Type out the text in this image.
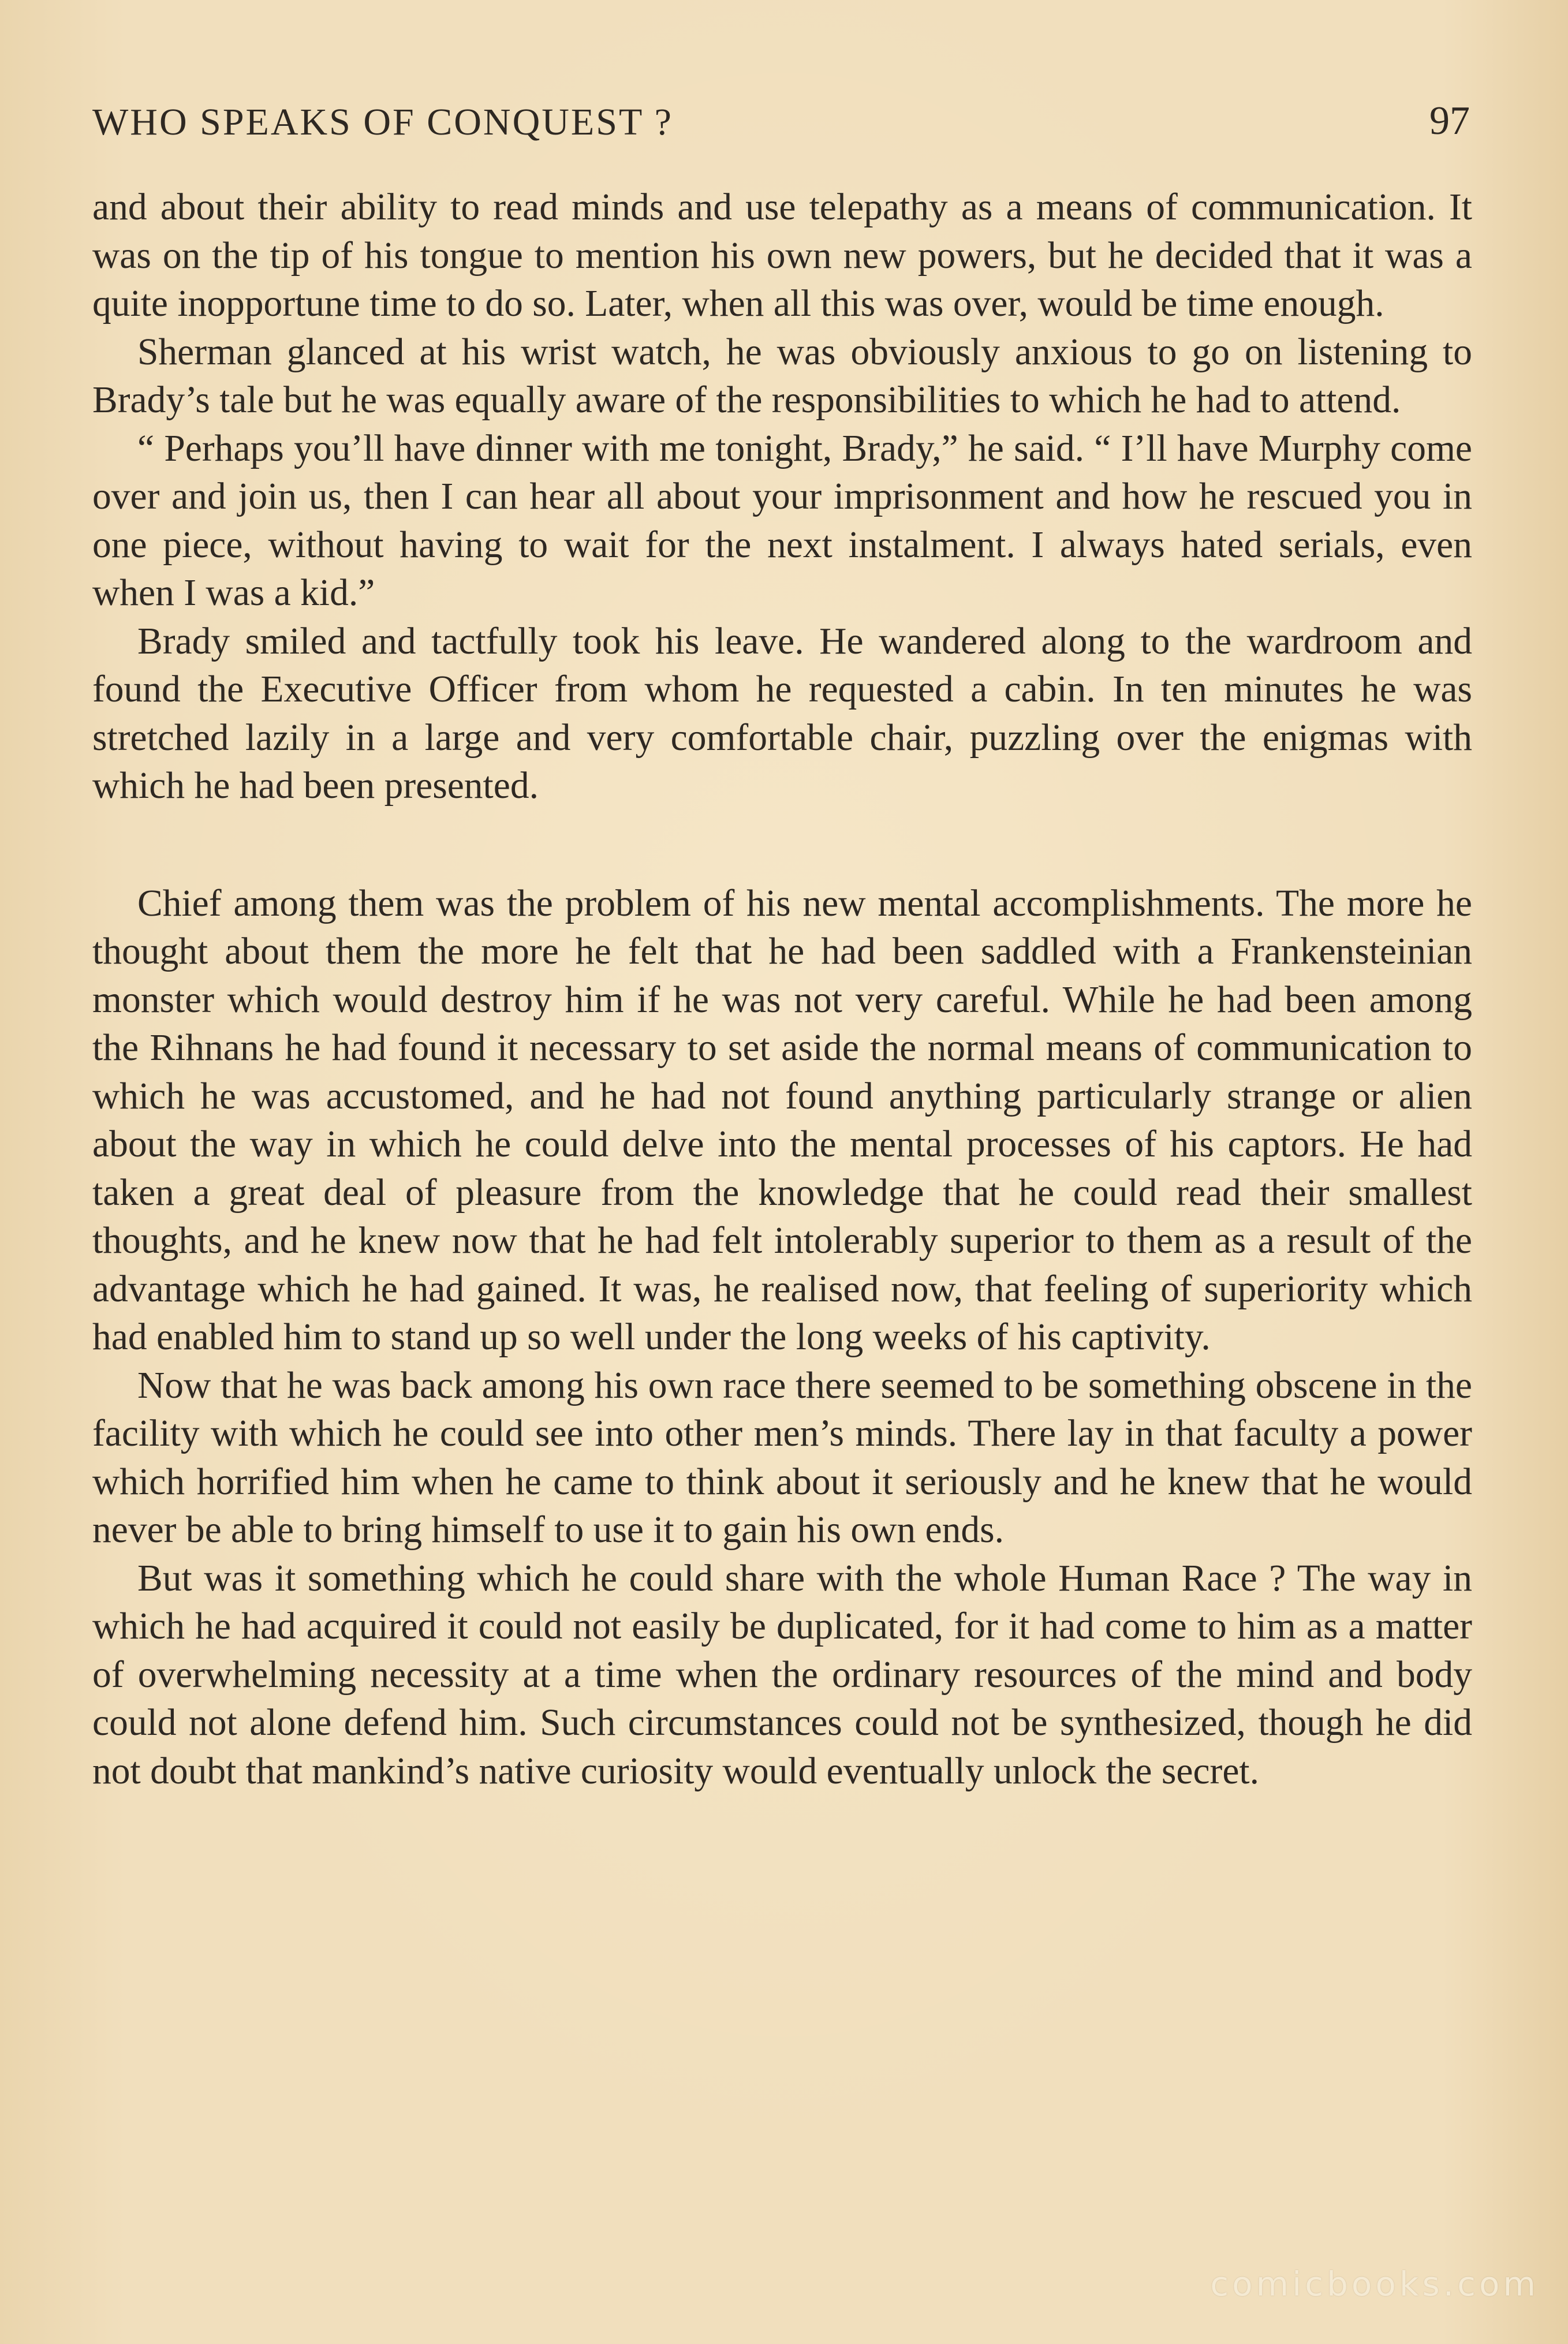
WHO SPEAKS OF CONQUEST ?	97

and about their ability to read minds and use telepathy as a means of communication. It was on the tip of his tongue to mention his own new powers, but he decided that it was a quite inopportune time to do so. Later, when all this was over, would be time enough.

Sherman glanced at his wrist watch, he was obviously anxious to go on listening to Brady’s tale but he was equally aware of the responsibilities to which he had to attend.

“ Perhaps you’ll have dinner with me tonight, Brady,” he said. “ I’ll have Murphy come over and join us, then I can hear all about your imprisonment and how he rescued you in one piece, without having to wait for the next instalment. I always hated serials, even when I was a kid.”

Brady smiled and tactfully took his leave. He wandered along to the wardroom and found the Executive Officer from whom he requested a cabin. In ten minutes he was stretched lazily in a large and very comfortable chair, puzzling over the enigmas with which he had been presented.

Chief among them was the problem of his new mental accomplishments. The more he thought about them the more he felt that he had been saddled with a Frankensteinian monster which would destroy him if he was not very careful. While he had been among the Rihnans he had found it necessary to set aside the normal means of communication to which he was accustomed, and he had not found anything particularly strange or alien about the way in which he could delve into the mental processes of his captors. He had taken a great deal of pleasure from the knowledge that he could read their smallest thoughts, and he knew now that he had felt intolerably superior to them as a result of the advantage which he had gained. It was, he realised now, that feeling of superiority which had enabled him to stand up so well under the long weeks of his captivity.

Now that he was back among his own race there seemed to be something obscene in the facility with which he could see into other men’s minds. There lay in that faculty a power which horrified him when he came to think about it seriously and he knew that he would never be able to bring himself to use it to gain his own ends.

But was it something which he could share with the whole Human Race ? The way in which he had acquired it could not easily be duplicated, for it had come to him as a matter of overwhelming necessity at a time when the ordinary resources of the mind and body could not alone defend him. Such circumstances could not be synthesized, though he did not doubt that mankind’s native curiosity would eventually unlock the secret.

comicbooks.com
